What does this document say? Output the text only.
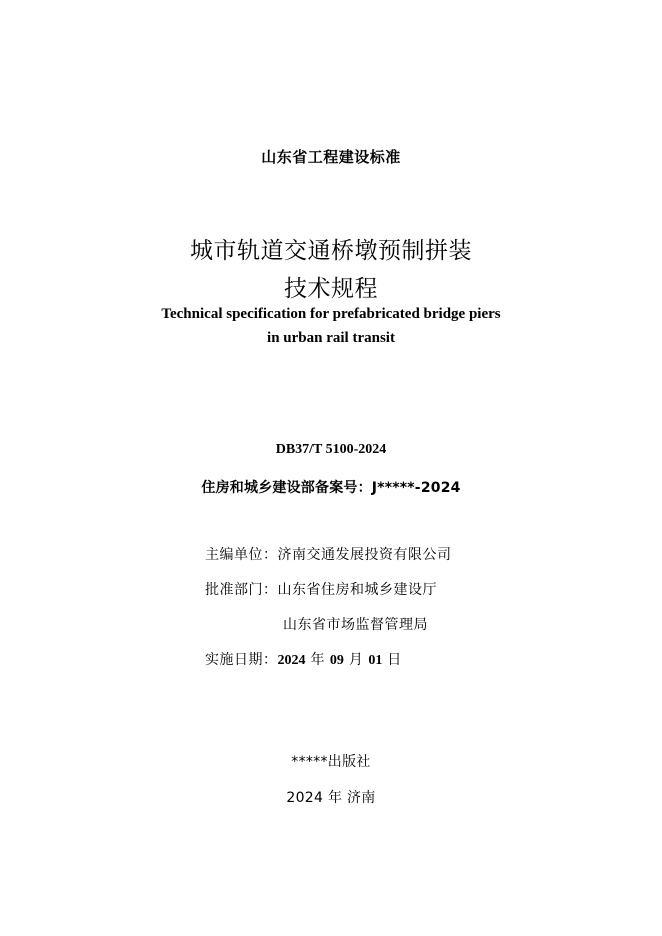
山东省工程建设标准
城市轨道交通桥墩预制拼装
技术规程
Technical specification for prefabricated bridge piers
in urban rail transit
DB37/T 5100-2024
住房和城乡建设部备案号：J*****-2024
主编单位：济南交通发展投资有限公司
批准部门：山东省住房和城乡建设厅
山东省市场监督管理局
实施日期：2024 年 09 月 01 日
*****出版社
2024 年 济南
